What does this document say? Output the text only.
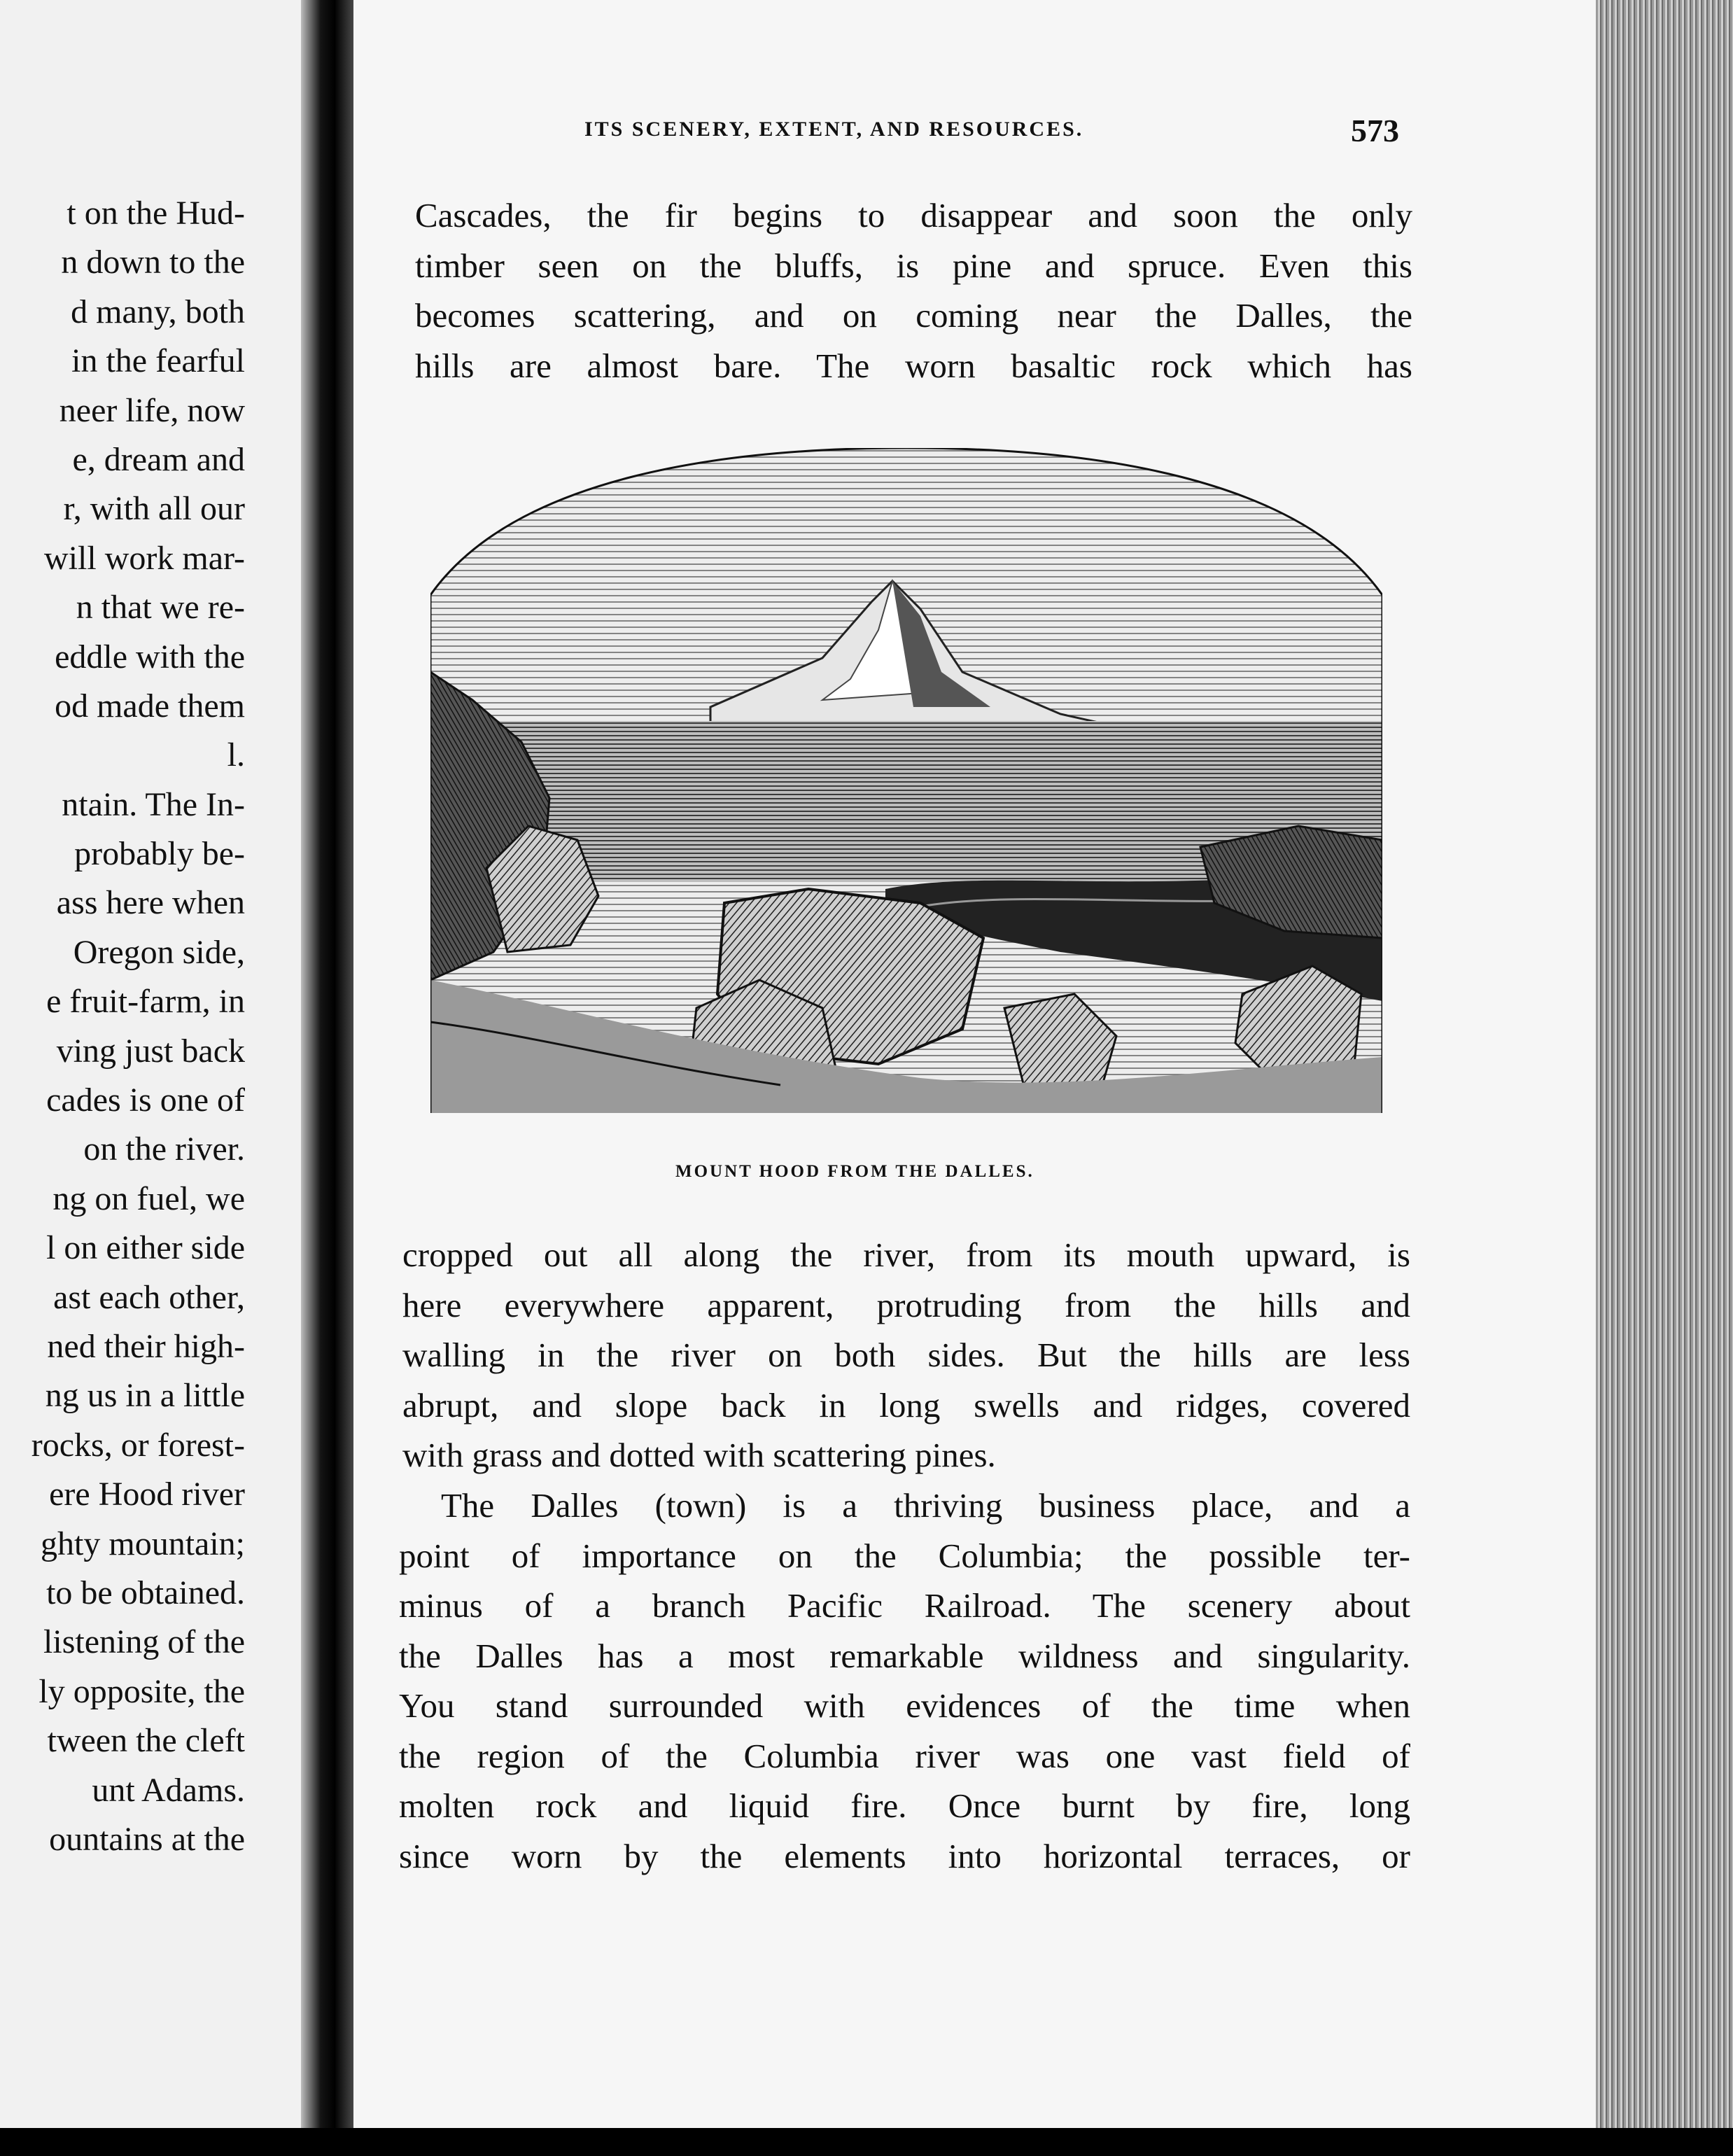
t on the Hud-
n down to the
d many, both
in the fearful
neer life, now
e, dream and
r, with all our
will work mar-
n that we re-
eddle with the
od made them
l.
ntain. The In-
probably be-
ass here when
Oregon side,
e fruit-farm, in
ving just back
cades is one of
on the river.
ng on fuel, we
l on either side
ast each other,
ned their high-
ng us in a little
rocks, or forest-
ere Hood river
ghty mountain;
to be obtained.
listening of the
ly opposite, the
tween the cleft
unt Adams.
ountains at the
ITS SCENERY, EXTENT, AND RESOURCES.	573
Cascades, the fir begins to disappear and soon the only
timber seen on the bluffs, is pine and spruce. Even this
becomes scattering, and on coming near the Dalles, the
hills are almost bare. The worn basaltic rock which has
MOUNT HOOD FROM THE DALLES.
cropped out all along the river, from its mouth upward, is
here everywhere apparent, protruding from the hills and
walling in the river on both sides. But the hills are less
abrupt, and slope back in long swells and ridges, covered
with grass and dotted with scattering pines.
The Dalles (town) is a thriving business place, and a
point of importance on the Columbia; the possible ter-
minus of a branch Pacific Railroad. The scenery about
the Dalles has a most remarkable wildness and singularity.
You stand surrounded with evidences of the time when
the region of the Columbia river was one vast field of
molten rock and liquid fire. Once burnt by fire, long
since worn by the elements into horizontal terraces, or
